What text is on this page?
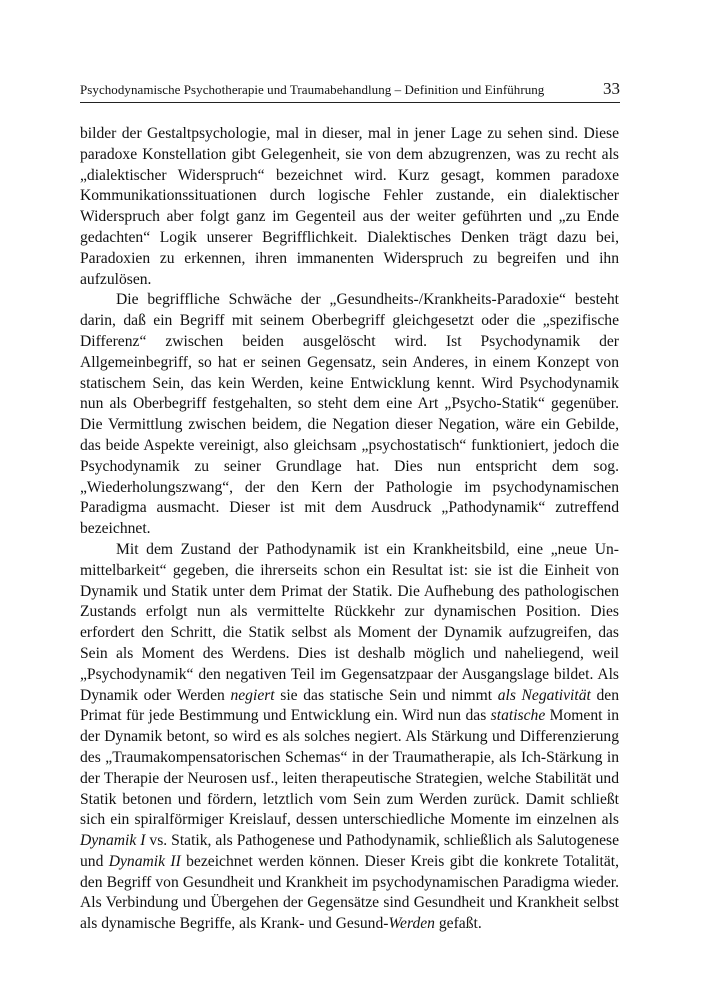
Psychodynamische Psychotherapie und Traumabehandlung – Definition und Einführung	33

bilder der Gestaltpsychologie, mal in dieser, mal in jener Lage zu sehen sind. Diese paradoxe Konstellation gibt Gelegenheit, sie von dem abzugrenzen, was zu recht als „dialektischer Widerspruch“ bezeichnet wird. Kurz gesagt, kommen paradoxe Kommunikationssituationen durch logische Fehler zustande, ein dialektischer Widerspruch aber folgt ganz im Gegenteil aus der weiter geführten und „zu Ende gedachten“ Logik unserer Begrifflichkeit. Dialektisches Denken trägt dazu bei, Paradoxien zu erkennen, ihren immanenten Widerspruch zu begreifen und ihn aufzulösen.

Die begriffliche Schwäche der „Gesundheits-/Krankheits-Paradoxie“ besteht darin, daß ein Begriff mit seinem Oberbegriff gleichgesetzt oder die „spezifische Differenz“ zwischen beiden ausgelöscht wird. Ist Psychodynamik der Allgemeinbegriff, so hat er seinen Gegensatz, sein Anderes, in einem Konzept von statischem Sein, das kein Werden, keine Entwicklung kennt. Wird Psychodynamik nun als Oberbegriff festgehalten, so steht dem eine Art „Psycho-Statik“ gegenüber. Die Vermittlung zwischen beidem, die Negation dieser Negation, wäre ein Gebilde, das beide Aspekte vereinigt, also gleichsam „psychostatisch“ funktioniert, jedoch die Psychodynamik zu seiner Grundlage hat. Dies nun entspricht dem sog. „Wiederholungszwang“, der den Kern der Pathologie im psychodynamischen Paradigma ausmacht. Dieser ist mit dem Ausdruck „Pathodynamik“ zutreffend bezeichnet.

Mit dem Zustand der Pathodynamik ist ein Krankheitsbild, eine „neue Unmittelbarkeit“ gegeben, die ihrerseits schon ein Resultat ist: sie ist die Einheit von Dynamik und Statik unter dem Primat der Statik. Die Aufhebung des pathologischen Zustands erfolgt nun als vermittelte Rückkehr zur dynamischen Position. Dies erfordert den Schritt, die Statik selbst als Moment der Dynamik aufzugreifen, das Sein als Moment des Werdens. Dies ist deshalb möglich und naheliegend, weil „Psychodynamik“ den negativen Teil im Gegensatzpaar der Ausgangslage bildet. Als Dynamik oder Werden negiert sie das statische Sein und nimmt als Negativität den Primat für jede Bestimmung und Entwicklung ein. Wird nun das statische Moment in der Dynamik betont, so wird es als solches negiert. Als Stärkung und Differenzierung des „Traumakompensatorischen Schemas“ in der Traumatherapie, als Ich-Stärkung in der Therapie der Neurosen usf., leiten therapeutische Strategien, welche Stabilität und Statik betonen und fördern, letztlich vom Sein zum Werden zurück. Damit schließt sich ein spiralförmiger Kreislauf, dessen unterschiedliche Momente im einzelnen als Dynamik I vs. Statik, als Pathogenese und Pathodynamik, schließlich als Salutogenese und Dynamik II bezeichnet werden können. Dieser Kreis gibt die konkrete Totalität, den Begriff von Gesundheit und Krankheit im psychodynamischen Paradigma wieder. Als Verbindung und Übergehen der Gegensätze sind Gesundheit und Krankheit selbst als dynamische Begriffe, als Krank- und Gesund-Werden gefaßt.
